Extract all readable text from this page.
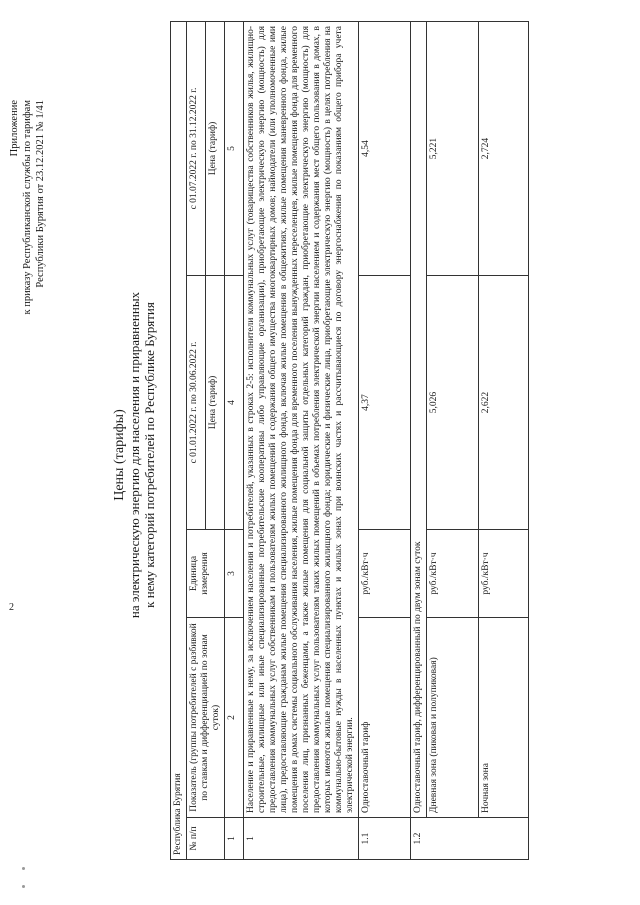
Приложение к приказу Республиканской службы по тарифам Республики Бурятия от 23.12.2021 № 1/41
Цены (тарифы) на электрическую энергию для населения и приравненных к нему категорий потребителей по Республике Бурятия
Республика Бурятия				
№ п/п	Показатель (группы потребителей с разбивкой по ставкам и дифференциацией по зонам суток)	Единица измерения	с 01.01.2022 г. по 30.06.2022 г.	с 01.07.2022 г. по 31.12.2022 г.
			Цена (тариф)	Цена (тариф)
1	2	3	4	5
1	Население и приравненные к нему, за исключением населения и потребителей, указанных в строках 2-5: исполнители коммунальных услуг (товарищества собственников жилья, жилищно-строительные, жилищные или иные специализированные потребительские кооперативы либо управляющие организации), приобретающие электрическую энергию (мощность) для предоставления коммунальных услуг собственникам и пользователям жилых помещений и содержания общего имущества многоквартирных домов; наймодатели (или уполномоченные ими лица), предоставляющие гражданам жилые помещения специализированного жилищного фонда, включая жилые помещения в общежитиях, жилые помещения маневренного фонда, жилые помещения в домах системы социального обслуживания населения, жилые помещения фонда для временного поселения вынужденных переселенцев, жилые помещения фонда для временного поселения лиц, признанных беженцами, а также жилые помещения для социальной защиты отдельных категорий граждан, приобретающие электрическую энергию (мощность) для предоставления коммунальных услуг пользователям таких жилых помещений в объемах потребления электрической энергии населением и содержания мест общего пользования в домах, в которых имеются жилые помещения специализированного жилищного фонда; юридические и физические лица, приобретающие электрическую энергию (мощность) в целях потребления на коммунально-бытовые нужды в населенных пунктах и жилых зонах при воинских частях и рассчитывающиеся по договору энергоснабжения по показаниям общего прибора учета электрической энергии.			
1.1	Одноставочный тариф	руб./кВт·ч	4,37	4,54
1.2	Одноставочный тариф, дифференцированный по двум зонам суток			
	Дневная зона (пиковая и полупиковая)	руб./кВт·ч	5,026	5,221
	Ночная зона	руб./кВт·ч	2,622	2,724
2
